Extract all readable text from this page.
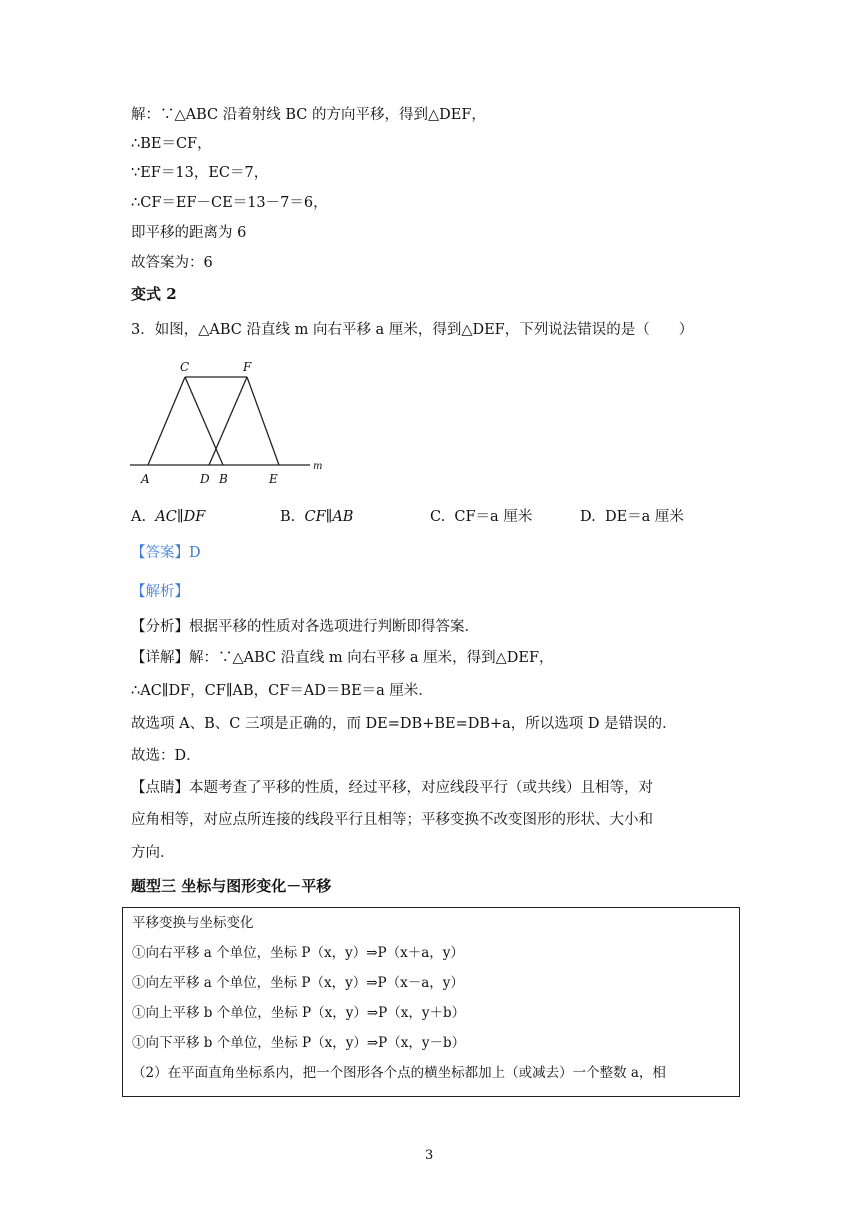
解：∵△ABC 沿着射线 BC 的方向平移，得到△DEF，
∴BE＝CF，
∵EF＝13，EC＝7，
∴CF＝EF－CE＝13－7＝6，
即平移的距离为 6
故答案为：6
变式 2
3．如图，△ABC 沿直线 m 向右平移 a 厘米，得到△DEF，下列说法错误的是（　　）
C	F
A	D B	E
m
A. AC∥DF	B. CF∥AB	C. CF＝a 厘米	D. DE＝a 厘米
【答案】D
【解析】
【分析】根据平移的性质对各选项进行判断即得答案．
【详解】解：∵△ABC 沿直线 m 向右平移 a 厘米，得到△DEF，
∴AC∥DF，CF∥AB，CF＝AD＝BE＝a 厘米．
故选项 A、B、C 三项是正确的，而 DE=DB+BE=DB+a，所以选项 D 是错误的．
故选：D．
【点睛】本题考查了平移的性质，经过平移，对应线段平行（或共线）且相等，对
应角相等，对应点所连接的线段平行且相等；平移变换不改变图形的形状、大小和
方向．
题型三 坐标与图形变化－平移
平移变换与坐标变化
①向右平移 a 个单位，坐标 P（x，y）⇒P（x＋a，y）
①向左平移 a 个单位，坐标 P（x，y）⇒P（x－a，y）
①向上平移 b 个单位，坐标 P（x，y）⇒P（x，y＋b）
①向下平移 b 个单位，坐标 P（x，y）⇒P（x，y－b）
（2）在平面直角坐标系内，把一个图形各个点的横坐标都加上（或减去）一个整数 a，相
3
